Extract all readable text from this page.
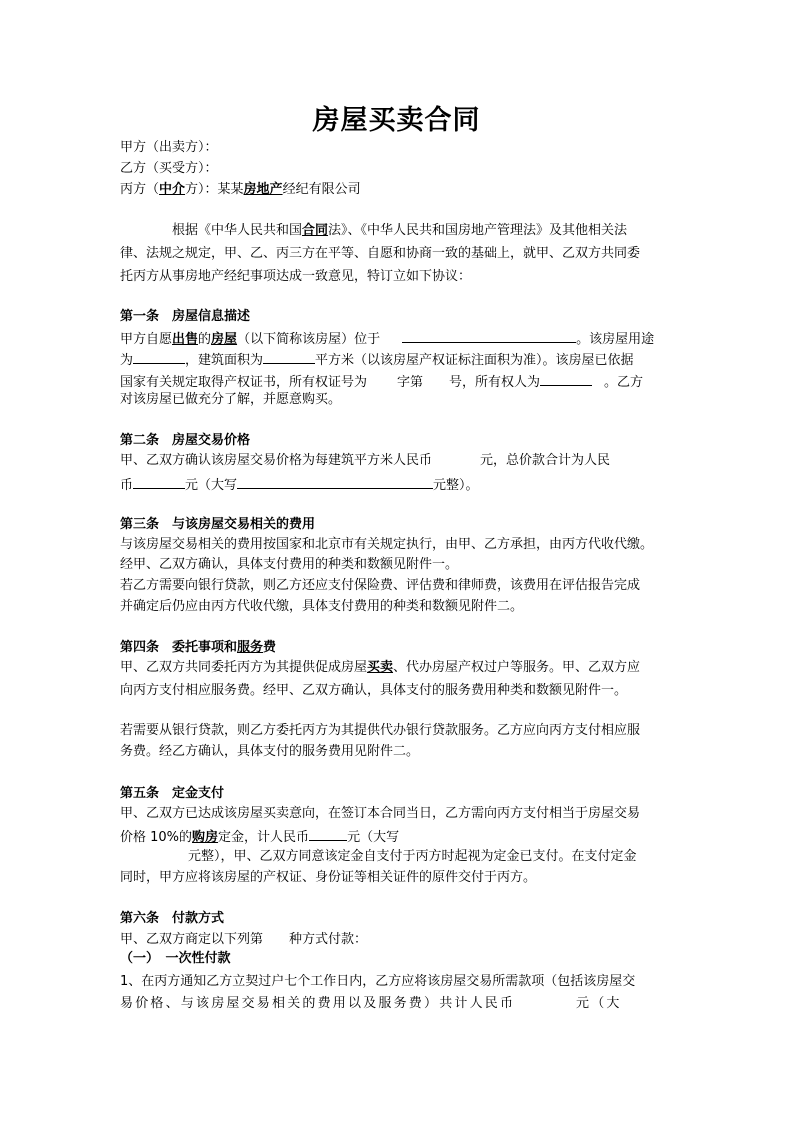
房屋买卖合同
甲方（出卖方）：
乙方（买受方）：
丙方（中介方）：某某房地产经纪有限公司
根据《中华人民共和国合同法》、《中华人民共和国房地产管理法》及其他相关法
律、法规之规定，甲、乙、丙三方在平等、自愿和协商一致的基础上，就甲、乙双方共同委
托丙方从事房地产经纪事项达成一致意见，特订立如下协议：
第一条　房屋信息描述
甲方自愿出售的房屋（以下简称该房屋）位于	。该房屋用途
为	，建筑面积为	平方米（以该房屋产权证标注面积为准）。该房屋已依据
国家有关规定取得产权证书，所有权证号为 字第 号，所有权人为	。乙方
对该房屋已做充分了解，并愿意购买。
第二条　房屋交易价格
甲、乙双方确认该房屋交易价格为每建筑平方米人民币	元，总价款合计为人民
币	元（大写	元整）。
第三条　与该房屋交易相关的费用
与该房屋交易相关的费用按国家和北京市有关规定执行，由甲、乙方承担，由丙方代收代缴。
经甲、乙双方确认，具体支付费用的种类和数额见附件一。
若乙方需要向银行贷款，则乙方还应支付保险费、评估费和律师费，该费用在评估报告完成
并确定后仍应由丙方代收代缴，具体支付费用的种类和数额见附件二。
第四条　委托事项和服务费
甲、乙双方共同委托丙方为其提供促成房屋买卖、代办房屋产权过户等服务。甲、乙双方应
向丙方支付相应服务费。经甲、乙双方确认，具体支付的服务费用种类和数额见附件一。
若需要从银行贷款，则乙方委托丙方为其提供代办银行贷款服务。乙方应向丙方支付相应服
务费。经乙方确认，具体支付的服务费用见附件二。
第五条　定金支付
甲、乙双方已达成该房屋买卖意向，在签订本合同当日，乙方需向丙方支付相当于房屋交易
价格 10%的购房定金，计人民币	元（大写
元整），甲、乙双方同意该定金自支付于丙方时起视为定金已支付。在支付定金
同时，甲方应将该房屋的产权证、身份证等相关证件的原件交付于丙方。
第六条　付款方式
甲、乙双方商定以下列第 种方式付款：
（一）　一次性付款
1、在丙方通知乙方立契过户七个工作日内，乙方应将该房屋交易所需款项（包括该房屋交
易价格、与该房屋交易相关的费用以及服务费）共计人民币　　　　元（大
